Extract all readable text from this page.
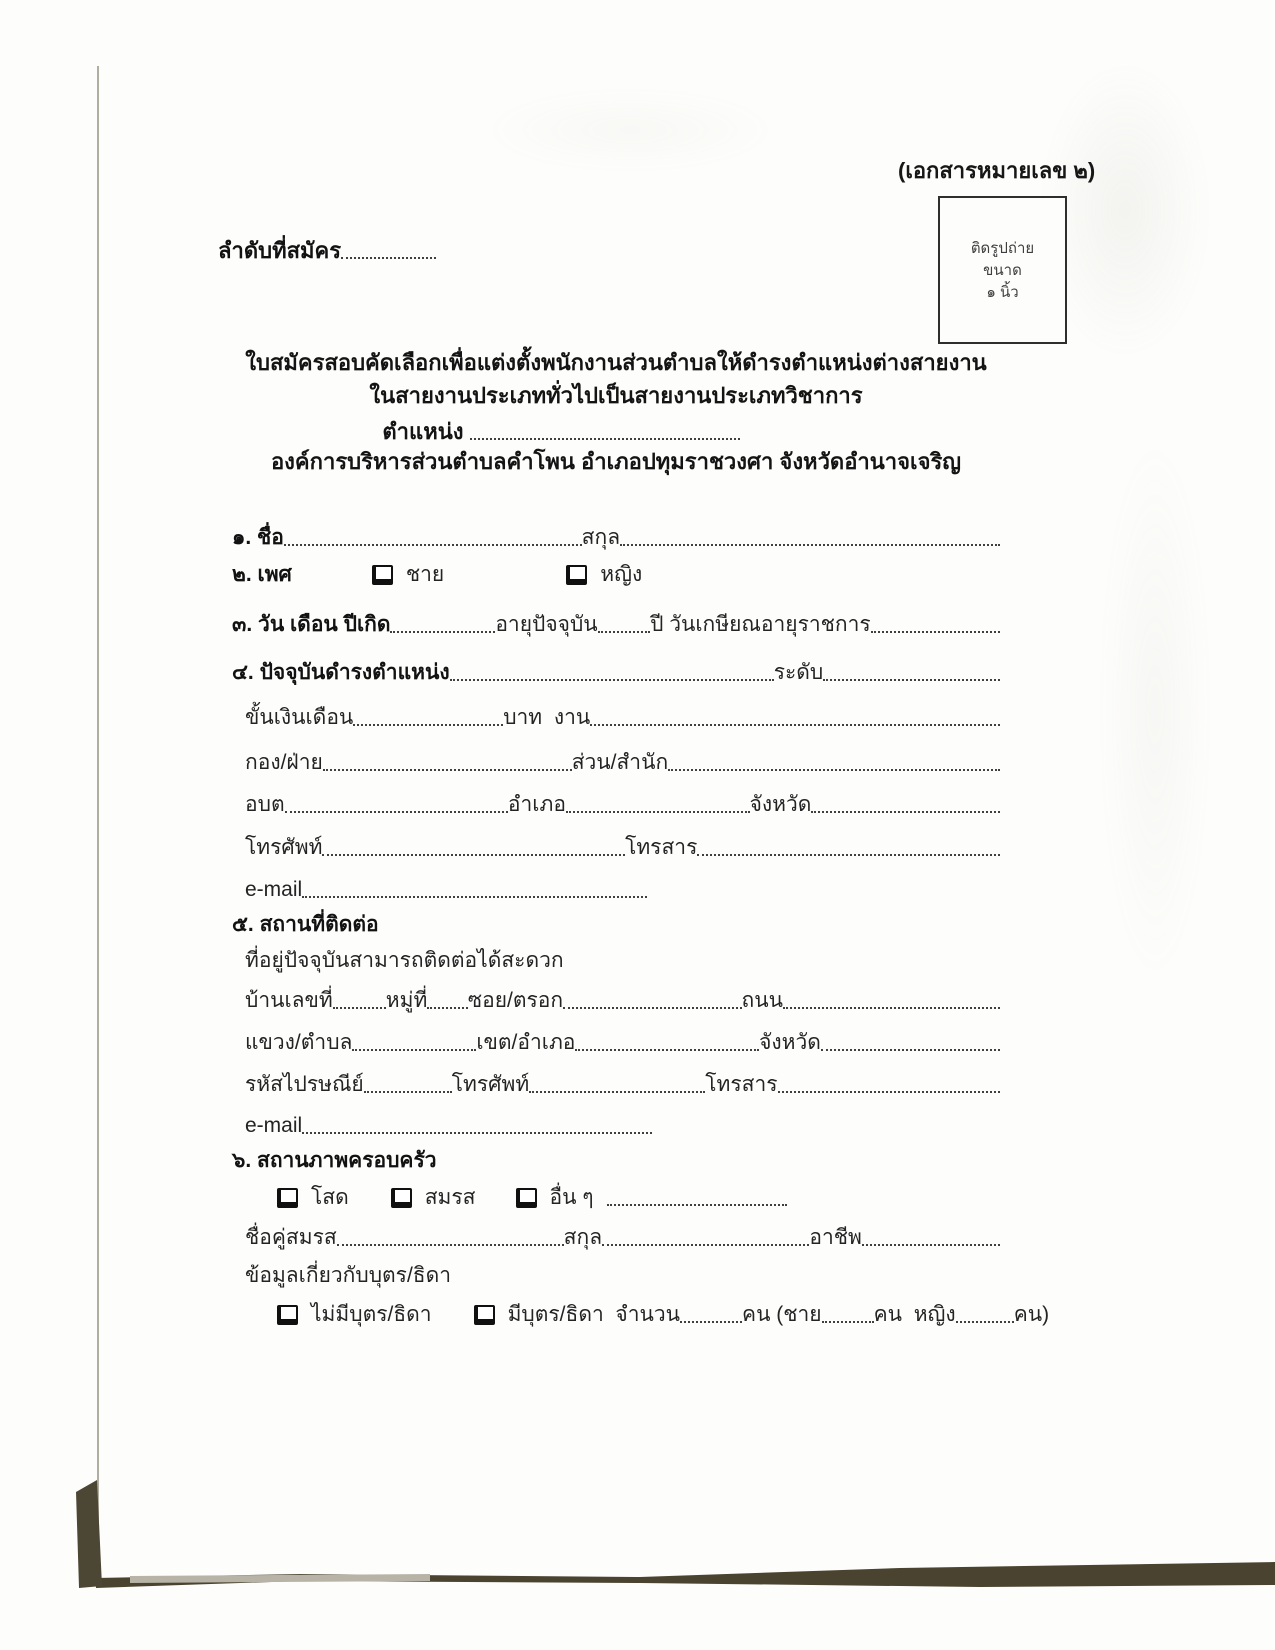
(เอกสารหมายเลข ๒)
ลำดับที่สมัคร	ติดรูปถ่าย
ขนาด
๑ นิ้ว
ใบสมัครสอบคัดเลือกเพื่อแต่งตั้งพนักงานส่วนตำบลให้ดำรงตำแหน่งต่างสายงาน
ในสายงานประเภททั่วไปเป็นสายงานประเภทวิชาการ
ตำแหน่ง
องค์การบริหารส่วนตำบลคำโพน อำเภอปทุมราชวงศา จังหวัดอำนาจเจริญ
๑. ชื่อ	สกุล
๒. เพศ	ชาย	หญิง
๓. วัน เดือน ปีเกิด	อายุปัจจุบัน ปี วันเกษียณอายุราชการ
๔. ปัจจุบันดำรงตำแหน่ง	ระดับ
ขั้นเงินเดือน	บาท  งาน
กอง/ฝ่าย	ส่วน/สำนัก
อบต	อำเภอ	จังหวัด
โทรศัพท์	โทรสาร
e-mail
๕. สถานที่ติดต่อ
ที่อยู่ปัจจุบันสามารถติดต่อได้สะดวก
บ้านเลขที่	หมู่ที่ ซอย/ตรอก	ถนน
แขวง/ตำบล	เขต/อำเภอ	จังหวัด
รหัสไปรษณีย์	โทรศัพท์	โทรสาร
e-mail
๖. สถานภาพครอบครัว
โสด	สมรส	อื่น ๆ
ชื่อคู่สมรส	สกุล	อาชีพ
ข้อมูลเกี่ยวกับบุตร/ธิดา
ไม่มีบุตร/ธิดา	มีบุตร/ธิดา  จำนวน	คน (ชาย คน  หญิง	คน)
